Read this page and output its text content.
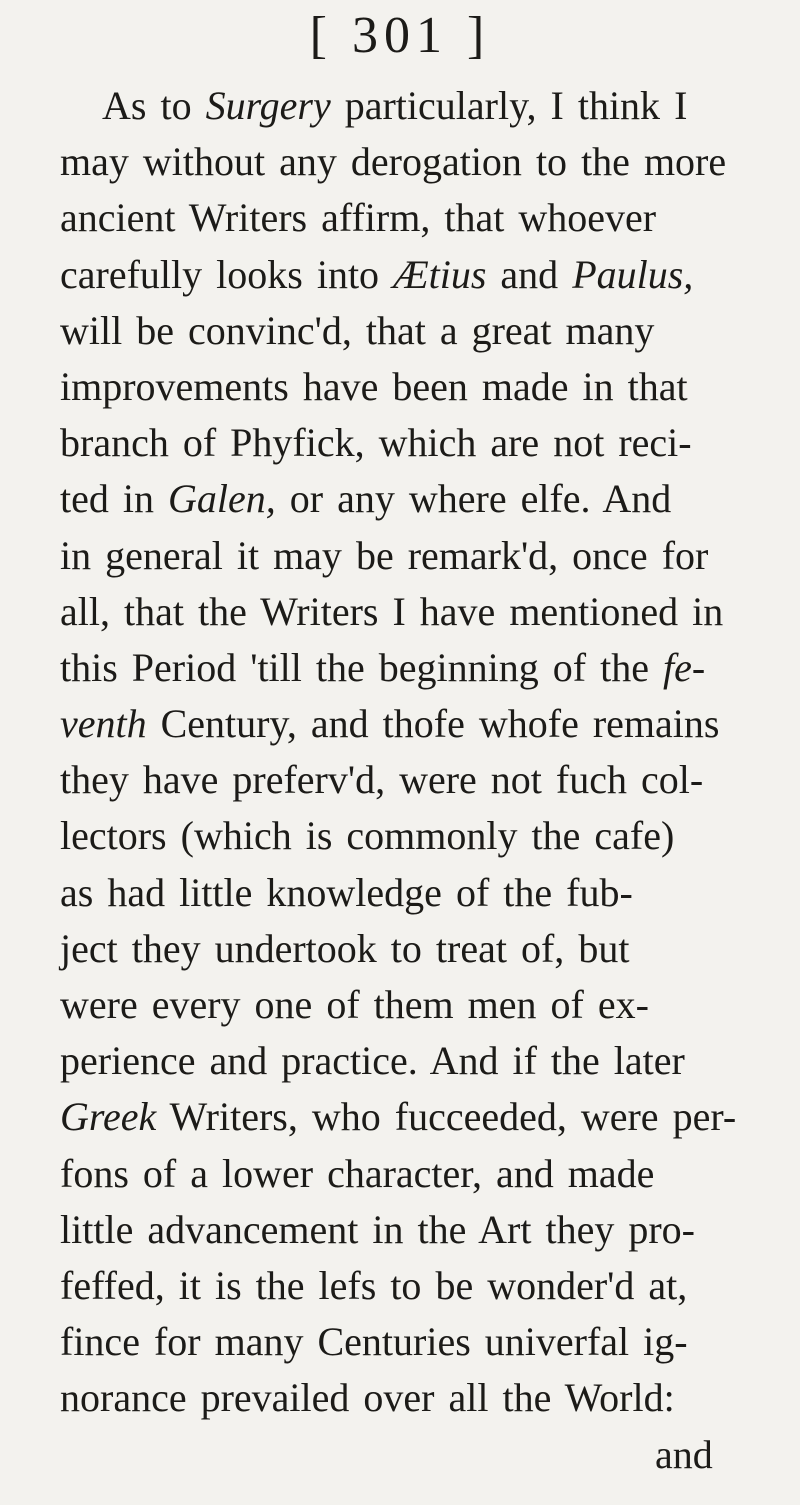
[ 301 ]
As to Surgery particularly, I think I
may without any derogation to the more
ancient Writers affirm, that whoever
carefully looks into Ætius and Paulus,
will be convinc'd, that a great many
improvements have been made in that
branch of Phyfick, which are not reci-
ted in Galen, or any where elfe. And
in general it may be remark'd, once for
all, that the Writers I have mentioned in
this Period 'till the beginning of the fe-
venth Century, and thofe whofe remains
they have preferv'd, were not fuch col-
lectors (which is commonly the cafe)
as had little knowledge of the fub-
ject they undertook to treat of, but
were every one of them men of ex-
perience and practice. And if the later
Greek Writers, who fucceeded, were per-
fons of a lower character, and made
little advancement in the Art they pro-
feffed, it is the lefs to be wonder'd at,
fince for many Centuries univerfal ig-
norance prevailed over all the World:
and
